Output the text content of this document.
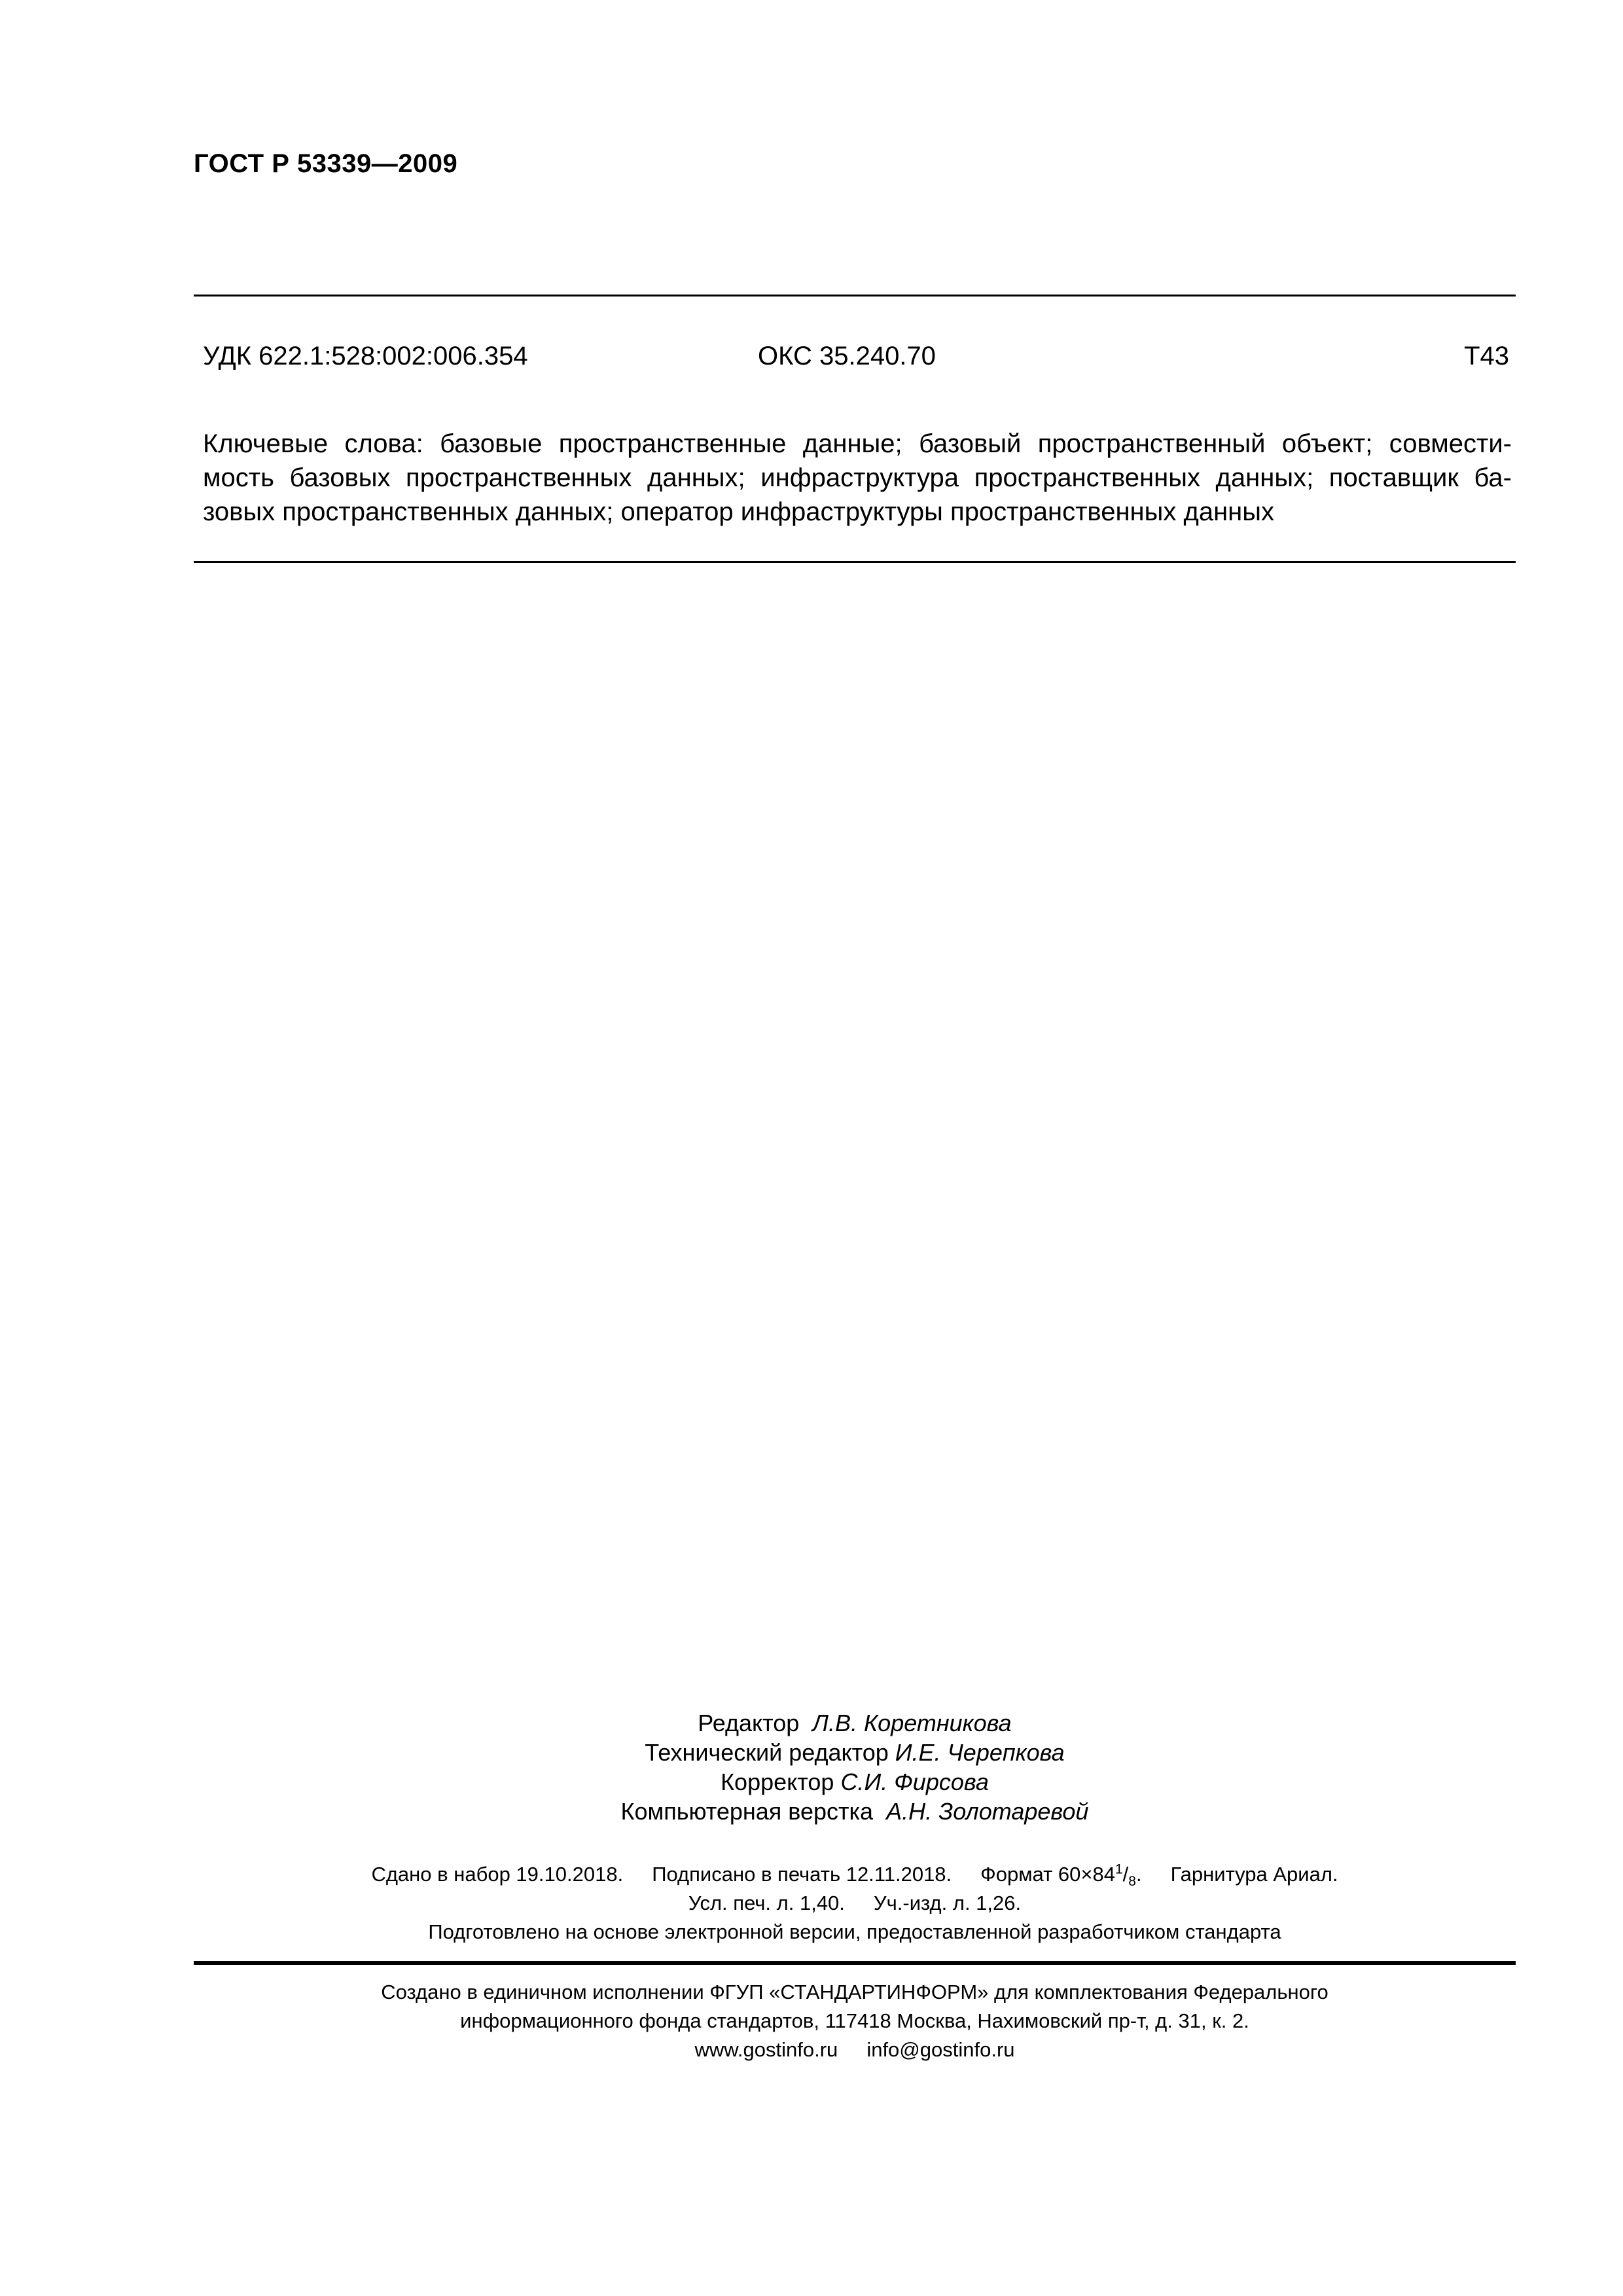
ГОСТ Р 53339—2009
УДК 622.1:528:002:006.354	ОКС 35.240.70	Т43
Ключевые слова: базовые пространственные данные; базовый пространственный объект; совмести-
мость базовых пространственных данных; инфраструктура пространственных данных; поставщик ба-
зовых пространственных данных; оператор инфраструктуры пространственных данных
Редактор Л.В. Коретникова
Технический редактор И.Е. Черепкова
Корректор С.И. Фирсова
Компьютерная верстка А.Н. Золотаревой
Сдано в набор 19.10.2018. Подписано в печать 12.11.2018. Формат $60\times 84^1/_8$. Гарнитура Ариал.
Усл. печ. л. 1,40. Уч.-изд. л. 1,26.
Подготовлено на основе электронной версии, предоставленной разработчиком стандарта
Создано в единичном исполнении ФГУП «СТАНДАРТИНФОРМ» для комплектования Федерального
информационного фонда стандартов, 117418 Москва, Нахимовский пр-т, д. 31, к. 2.
www.gostinfo.ru info@gostinfo.ru
